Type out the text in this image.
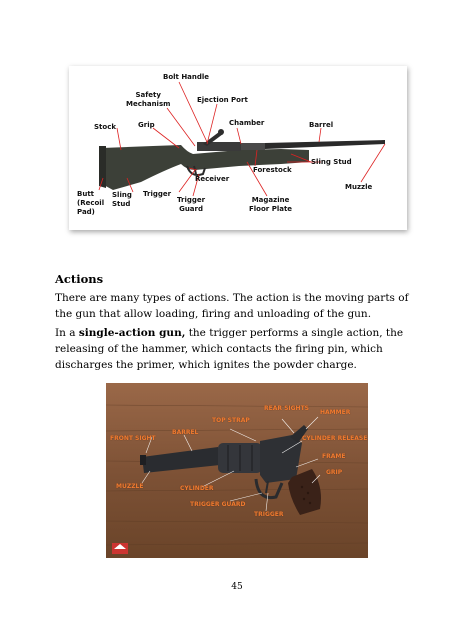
Bolt Handle
Safety
Mechanism	Ejection Port
Grip
Stock	Chamber	Barrel
Sling Stud
Forestock
Receiver
Muzzle
Butt
(Recoil
Pad)
Sling
Stud
Trigger
Trigger
Guard
Magazine
Floor Plate
Actions

There are many types of actions. The action is the moving parts of the gun that allow loading, firing and unloading of the gun.

In a single-action gun, the trigger performs a single action, the releasing of the hammer, which contacts the firing pin, which discharges the primer, which ignites the powder charge.

REAR SIGHTS
TOP STRAP
HAMMER
BARREL
FRONT SIGHT	CYLINDER RELEASE
FRAME
GRIP
MUZZLE	CYLINDER
TRIGGER GUARD
TRIGGER
45
